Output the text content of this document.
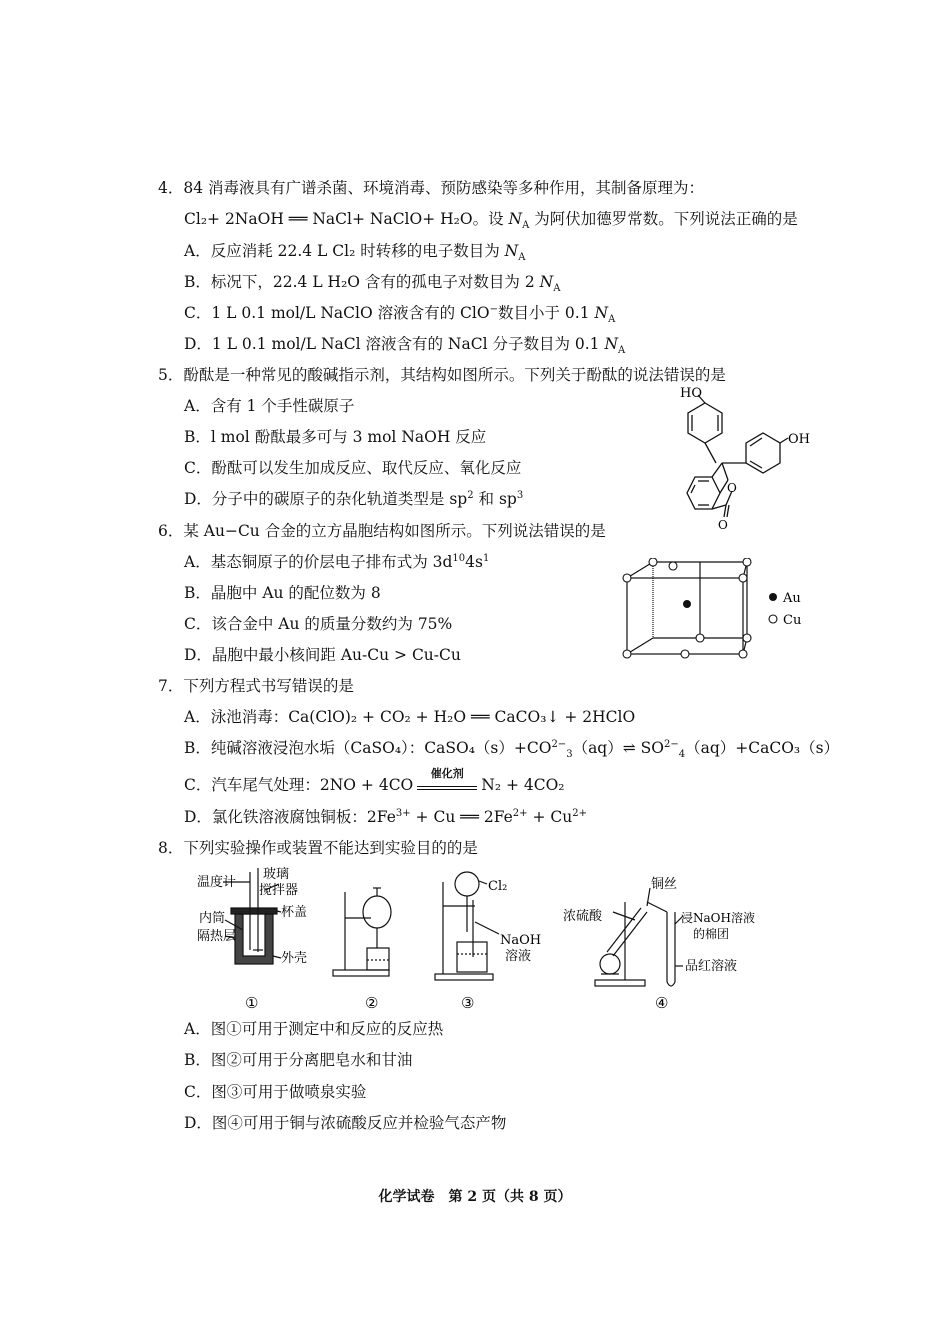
4．84 消毒液具有广谱杀菌、环境消毒、预防感染等多种作用，其制备原理为：
Cl₂+ 2NaOH ══ NaCl+ NaClO+ H₂O。设 $N_A$ 为阿伏加德罗常数。下列说法正确的是
A．反应消耗 22.4 L Cl₂ 时转移的电子数目为 $N_A$
B．标况下，22.4 L H₂O 含有的孤电子对数目为 2 $N_A$
C．1 L 0.1 mol/L NaClO 溶液含有的 ClO−数目小于 0.1 $N_A$
D．1 L 0.1 mol/L NaCl 溶液含有的 NaCl 分子数目为 0.1 $N_A$
5．酚酞是一种常见的酸碱指示剂，其结构如图所示。下列关于酚酞的说法错误的是
A．含有 1 个手性碳原子
B．l mol 酚酞最多可与 3 mol NaOH 反应
C．酚酞可以发生加成反应、取代反应、氧化反应
D．分子中的碳原子的杂化轨道类型是 $sp^2$ 和 $sp^3$
HO
OH
O
O
6．某 Au−Cu 合金的立方晶胞结构如图所示。下列说法错误的是
A．基态铜原子的价层电子排布式为 $3d^{10}4s^1$
B．晶胞中 Au 的配位数为 8
C．该合金中 Au 的质量分数约为 75%
D．晶胞中最小核间距 Au-Cu > Cu-Cu
Au
Cu
7．下列方程式书写错误的是
A．泳池消毒：Ca(ClO)₂ + CO₂ + H₂O ══ CaCO₃↓ + 2HClO
B．纯碱溶液浸泡水垢（CaSO₄）：$CaSO_4(s)+CO^{2-}_3(aq)\rightleftharpoons$ $SO^{2-}_4(aq)+CaCO_3(s)$
C．汽车尾气处理：2NO + 4CO
催化剂
N₂ + 4CO₂
D．氯化铁溶液腐蚀铜板：$2Fe^{3+} + Cu$ ══ $2Fe^{2+} + Cu^{2+}$
8．下列实验操作或装置不能达到实验目的的是
温度计
玻璃
搅拌器
内筒	杯盖
隔热层
外壳
①	②
Cl₂
NaOH
溶液
③
铜丝
浓硫酸	浸NaOH溶液
的棉团
品红溶液
④
A．图①可用于测定中和反应的反应热
B．图②可用于分离肥皂水和甘油
C．图③可用于做喷泉实验
D．图④可用于铜与浓硫酸反应并检验气态产物
化学试卷　第 2 页（共 8 页）
